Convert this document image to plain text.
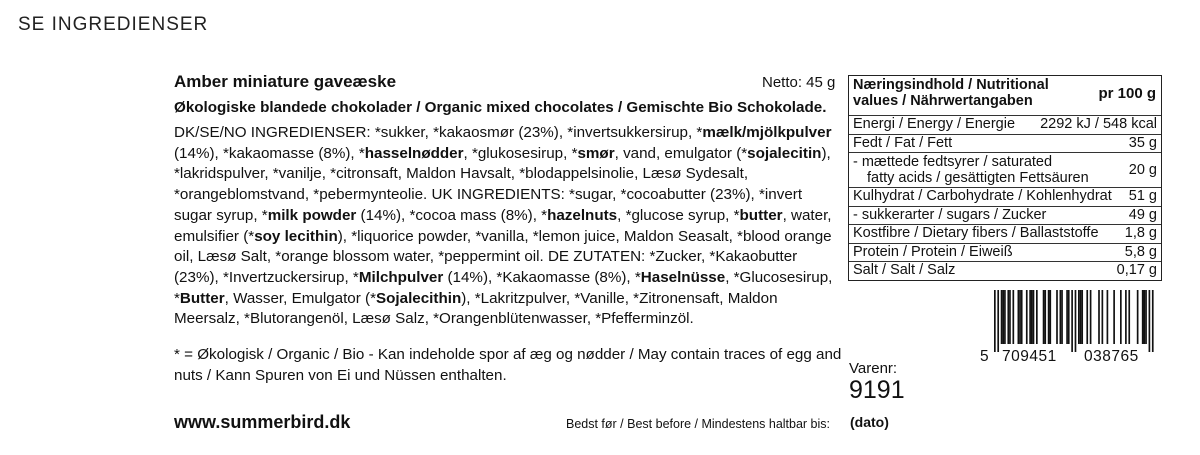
SE INGREDIENSER
Amber miniature gaveæske	Netto: 45 g
Økologiske blandede chokolader / Organic mixed chocolates / Gemischte Bio Schokolade.

DK/SE/NO INGREDIENSER: *sukker, *kakaosmør (23%), *invertsukkersirup, *mælk/mjölkpulver (14%), *kakaomasse (8%), *hasselnødder, *glukosesirup, *smør, vand, emulgator (*sojalecitin), *lakridspulver, *vanilje, *citronsaft, Maldon Havsalt, *blodappelsinolie, Læsø Sydesalt, *orangeblomstvand, *pebermynteolie. UK INGREDIENTS: *sugar, *cocoabutter (23%), *invert sugar syrup, *milk powder (14%), *cocoa mass (8%), *hazelnuts, *glucose syrup, *butter, water, emulsifier (*soy lecithin), *liquorice powder, *vanilla, *lemon juice, Maldon Seasalt, *blood orange oil, Læsø Salt, *orange blossom water, *peppermint oil. DE ZUTATEN: *Zucker, *Kakaobutter (23%), *Invertzuckersirup, *Milchpulver (14%), *Kakaomasse (8%), *Haselnüsse, *Glucosesirup, *Butter, Wasser, Emulgator (*Sojalecithin), *Lakritzpulver, *Vanille, *Zitronensaft, Maldon Meersalz, *Blutorangenöl, Læsø Salz, *Orangenblütenwasser, *Pfefferminzöl.

* = Økologisk / Organic / Bio - Kan indeholde spor af æg og nødder / May contain traces of egg and nuts / Kann Spuren von Ei und Nüssen enthalten.

www.summerbird.dk	Bedst før / Best before / Mindestens haltbar bis: (dato)
Næringsindhold / Nutritional values / Nährwertangaben	pr 100 g
Energi / Energy / Energie 2292 kJ / 548 kcal
Fedt / Fat / Fett	35 g
- mættede fedtsyrer / saturated
fatty acids / gesättigten Fettsäuren	20 g
Kulhydrat / Carbohydrate / Kohlenhydrat 51 g
- sukkerarter / sugars / Zucker	49 g
Kostfibre / Dietary fibers / Ballaststoffe 1,8 g
Protein / Protein / Eiweiß	5,8 g
Salt / Salt / Salz	0,17 g
5 709451 038765
Varenr:
9191
